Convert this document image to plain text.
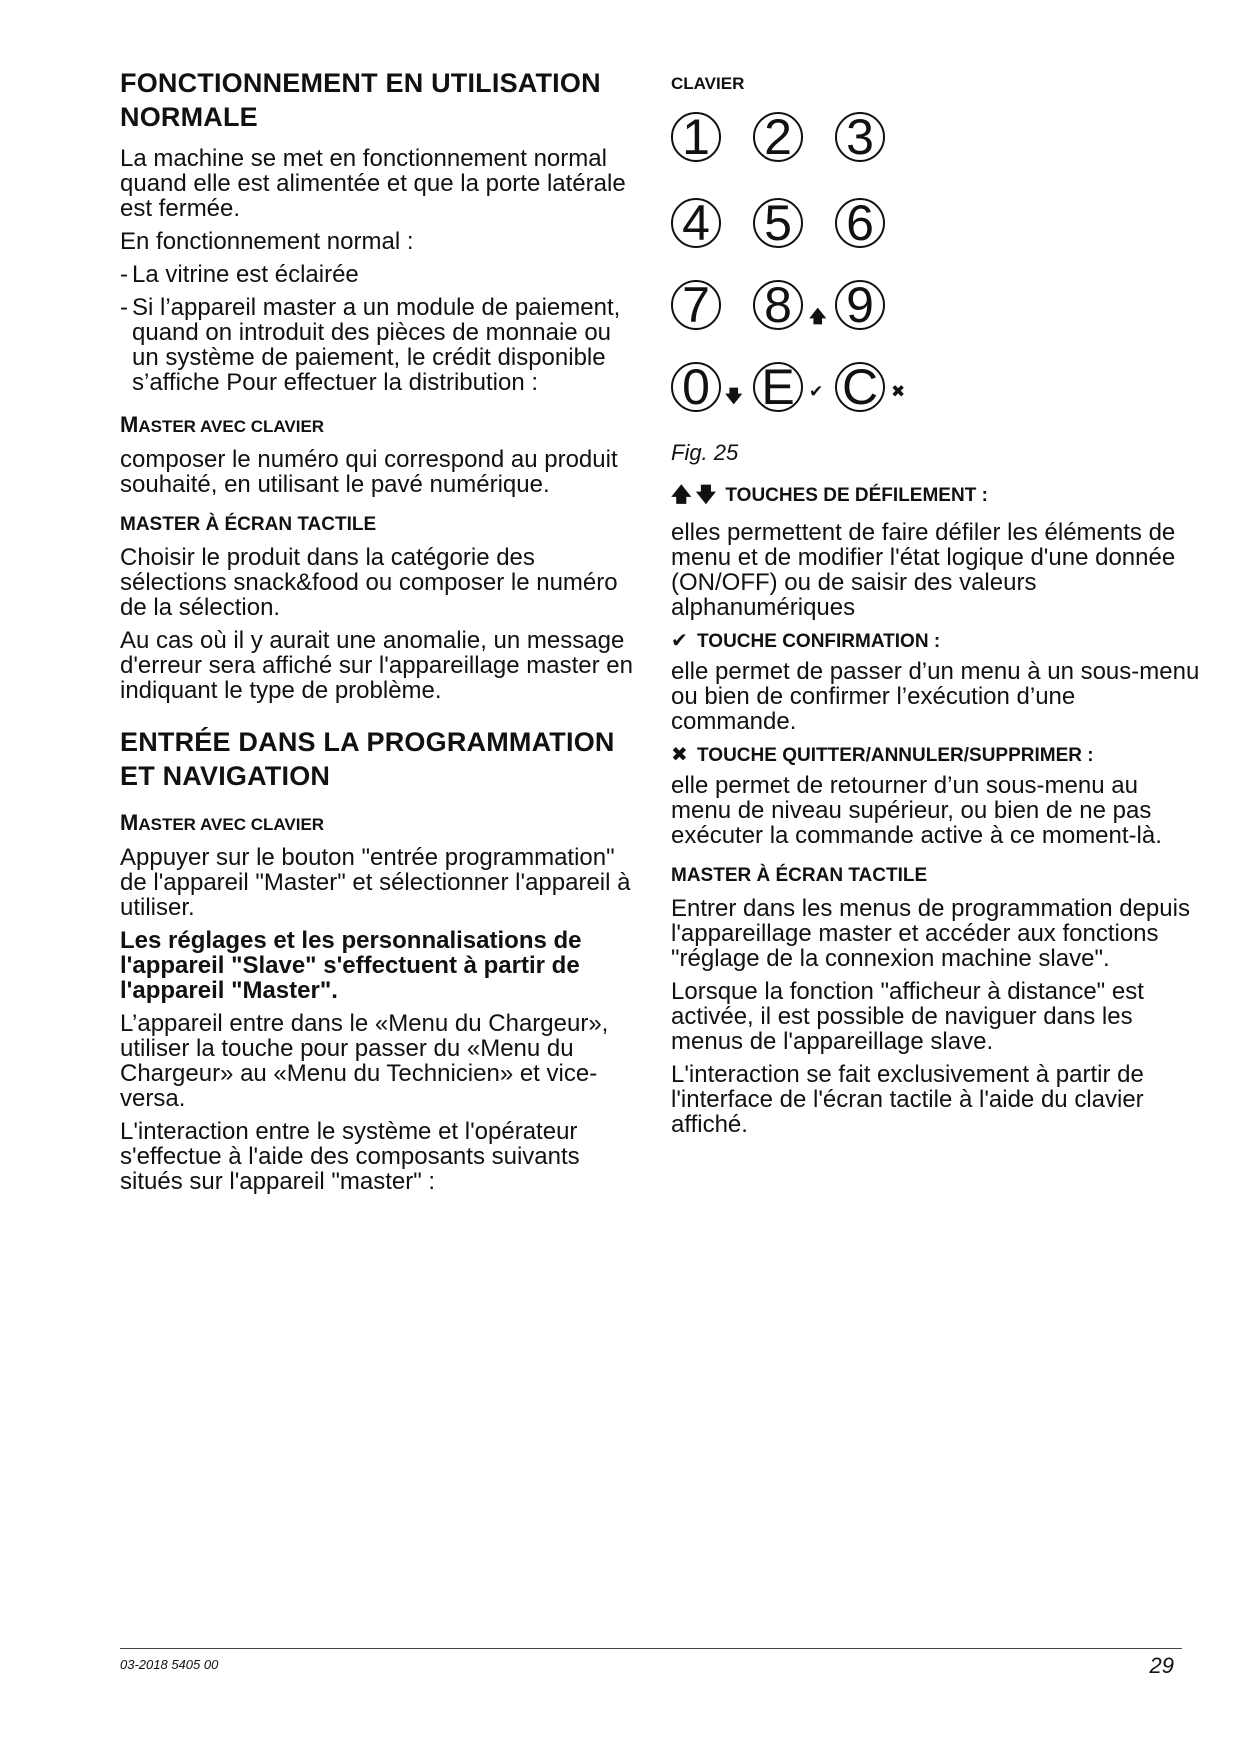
FONCTIONNEMENT EN UTILISATION NORMALE

La machine se met en fonctionnement normal quand elle est alimentée et que la porte latérale est fermée.

En fonctionnement normal :

- La vitrine est éclairée
- Si l’appareil master a un module de paiement, quand on introduit des pièces de monnaie ou un système de paiement, le crédit disponible s’affiche Pour effectuer la distribution :
MASTER AVEC CLAVIER

composer le numéro qui correspond au produit souhaité, en utilisant le pavé numérique.

MASTER À ÉCRAN TACTILE

Choisir le produit dans la catégorie des sélections snack&food ou composer le numéro de la sélection.

Au cas où il y aurait une anomalie, un message d'erreur sera affiché sur l'appareillage master en indiquant le type de problème.

ENTRÉE DANS LA PROGRAMMATION ET NAVIGATION
MASTER AVEC CLAVIER

Appuyer sur le bouton "entrée programmation" de l'appareil "Master" et sélectionner l'appareil à utiliser.

Les réglages et les personnalisations de l'appareil "Slave" s'effectuent à partir de l'appareil "Master".

L’appareil entre dans le «Menu du Chargeur», utiliser la touche pour passer du «Menu du Chargeur» au «Menu du Technicien» et vice-versa.

L'interaction entre le système et l'opérateur s'effectue à l'aide des composants suivants situés sur l'appareil "master" :

CLAVIER
1 2 3
4 5 6
7 8	🡅 9
0 🡇 E ✔ C ✖
Fig. 25
🡅 🡇 TOUCHES DE DÉFILEMENT :

elles permettent de faire défiler les éléments de menu et de modifier l'état logique d'une donnée (ON/OFF) ou de saisir des valeurs alphanumériques

✔ TOUCHE CONFIRMATION :

elle permet de passer d’un menu à un sous-menu ou bien de confirmer l’exécution d’une commande.

✖ TOUCHE QUITTER/ANNULER/SUPPRIMER :

elle permet de retourner d’un sous-menu au menu de niveau supérieur, ou bien de ne pas exécuter la commande active à ce moment-là.

MASTER À ÉCRAN TACTILE

Entrer dans les menus de programmation depuis l'appareillage master et accéder aux fonctions "réglage de la connexion machine slave".

Lorsque la fonction "afficheur à distance" est activée, il est possible de naviguer dans les menus de l'appareillage slave.

L'interaction se fait exclusivement à partir de l'interface de l'écran tactile à l'aide du clavier affiché.

03-2018 5405 00	29
